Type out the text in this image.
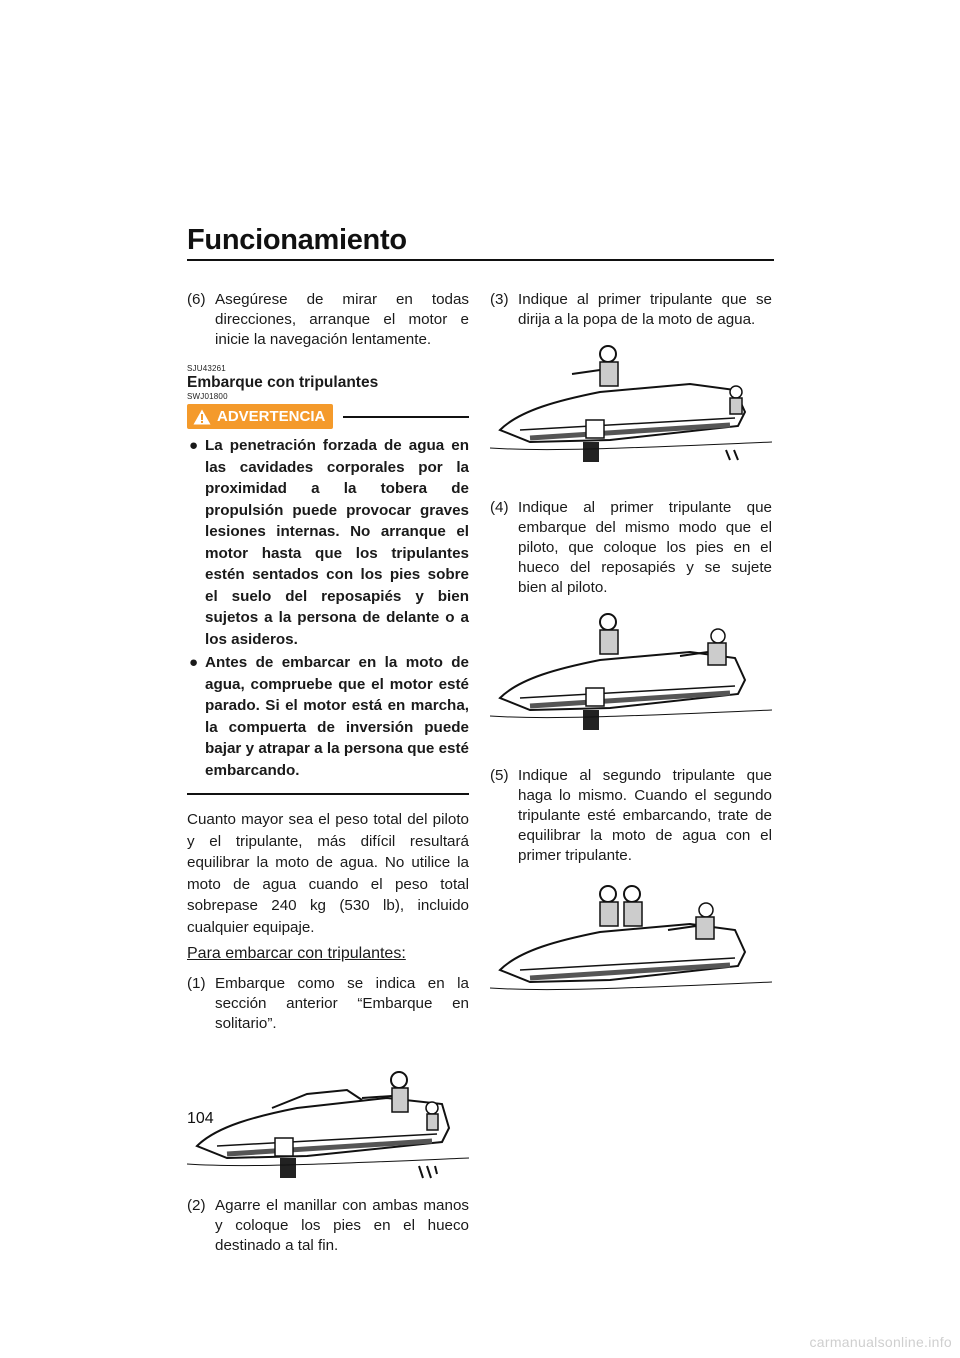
Funcionamiento

(6) Asegúrese de mirar en todas direcciones, arranque el motor e inicie la navegación lentamente.

SJU43261

Embarque con tripulantes

SWJ01800
ADVERTENCIA

● La penetración forzada de agua en las cavidades corporales por la proximidad a la tobera de propulsión puede provocar graves lesiones internas. No arranque el motor hasta que los tripulantes estén sentados con los pies sobre el suelo del reposapiés y bien sujetos a la persona de delante o a los asideros.

● Antes de embarcar en la moto de agua, compruebe que el motor esté parado. Si el motor está en marcha, la compuerta de inversión puede bajar y atrapar a la persona que esté embarcando.

Cuanto mayor sea el peso total del piloto y el tripulante, más difícil resultará equilibrar la moto de agua. No utilice la moto de agua cuando el peso total sobrepase 240 kg (530 lb), incluido cualquier equipaje.

Para embarcar con tripulantes:

(1) Embarque como se indica en la sección anterior “Embarque en solitario”.

(2) Agarre el manillar con ambas manos y coloque los pies en el hueco destinado a tal fin.

(3) Indique al primer tripulante que se dirija a la popa de la moto de agua.

(4) Indique al primer tripulante que embarque del mismo modo que el piloto, que coloque los pies en el hueco del reposapiés y se sujete bien al piloto.

(5) Indique al segundo tripulante que haga lo mismo. Cuando el segundo tripulante esté embarcando, trate de equilibrar la moto de agua con el primer tripulante.

104
carmanualsonline.info
